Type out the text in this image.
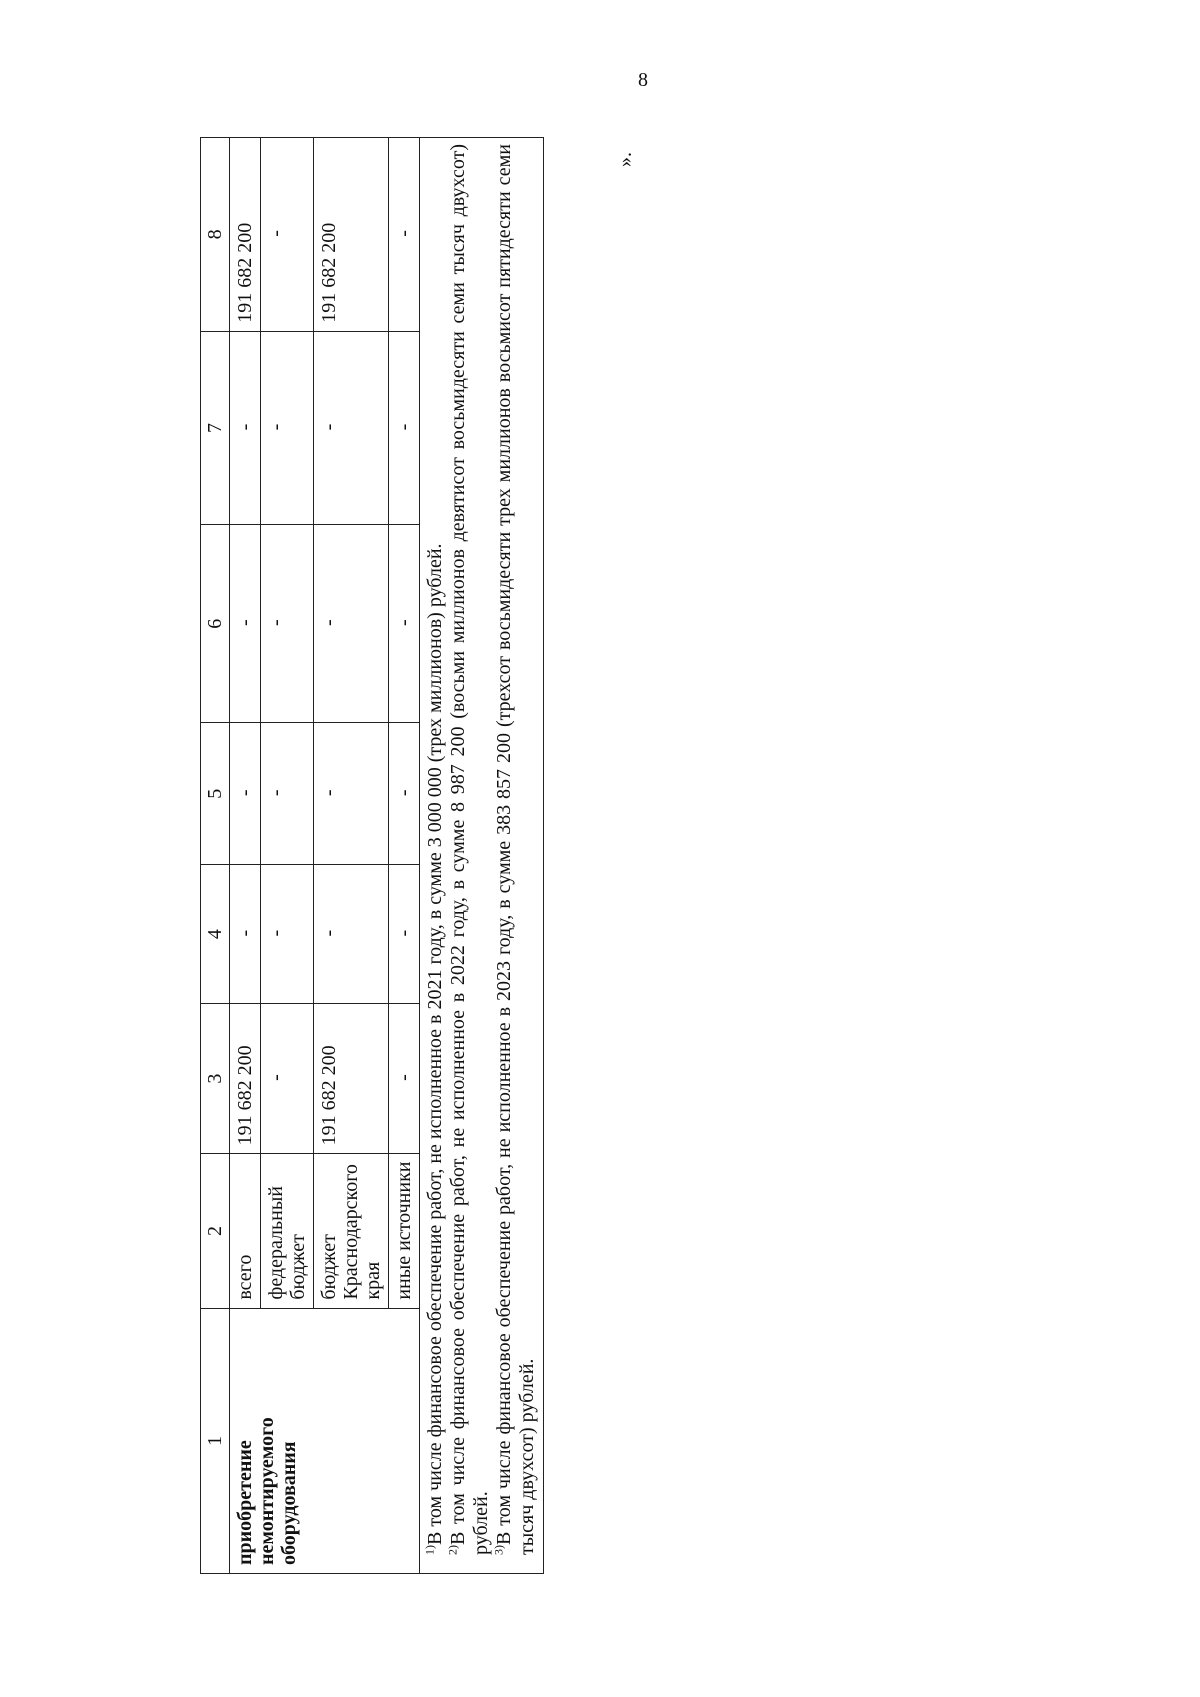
8
1	2	3	4	5	6	7	8
приобретение немонтируемого оборудования	всего	191 682 200	-	-	-	-	191 682 200
	федеральный бюджет	-	-	-	-	-	-
	бюджет Краснодарского края	191 682 200	-	-	-	-	191 682 200
	иные источники	-	-	-	-	-	-

$^{1)}$В том числе финансовое обеспечение работ, не исполненное в 2021 году, в сумме 3 000 000 (трех миллионов) рублей.

$^{2)}$В том числе финансовое обеспечение работ, не исполненное в 2022 году, в сумме 8 987 200 (восьми миллионов девятисот восьмидесяти семи тысяч двухсот) рублей. $^{3)}$В том числе финансовое обеспечение работ, не исполненное в 2023 году, в сумме 383 857 200 (трехсот восьмидесяти трех миллионов восьмисот пятидесяти семи тысяч двухсот) рублей.							

».
